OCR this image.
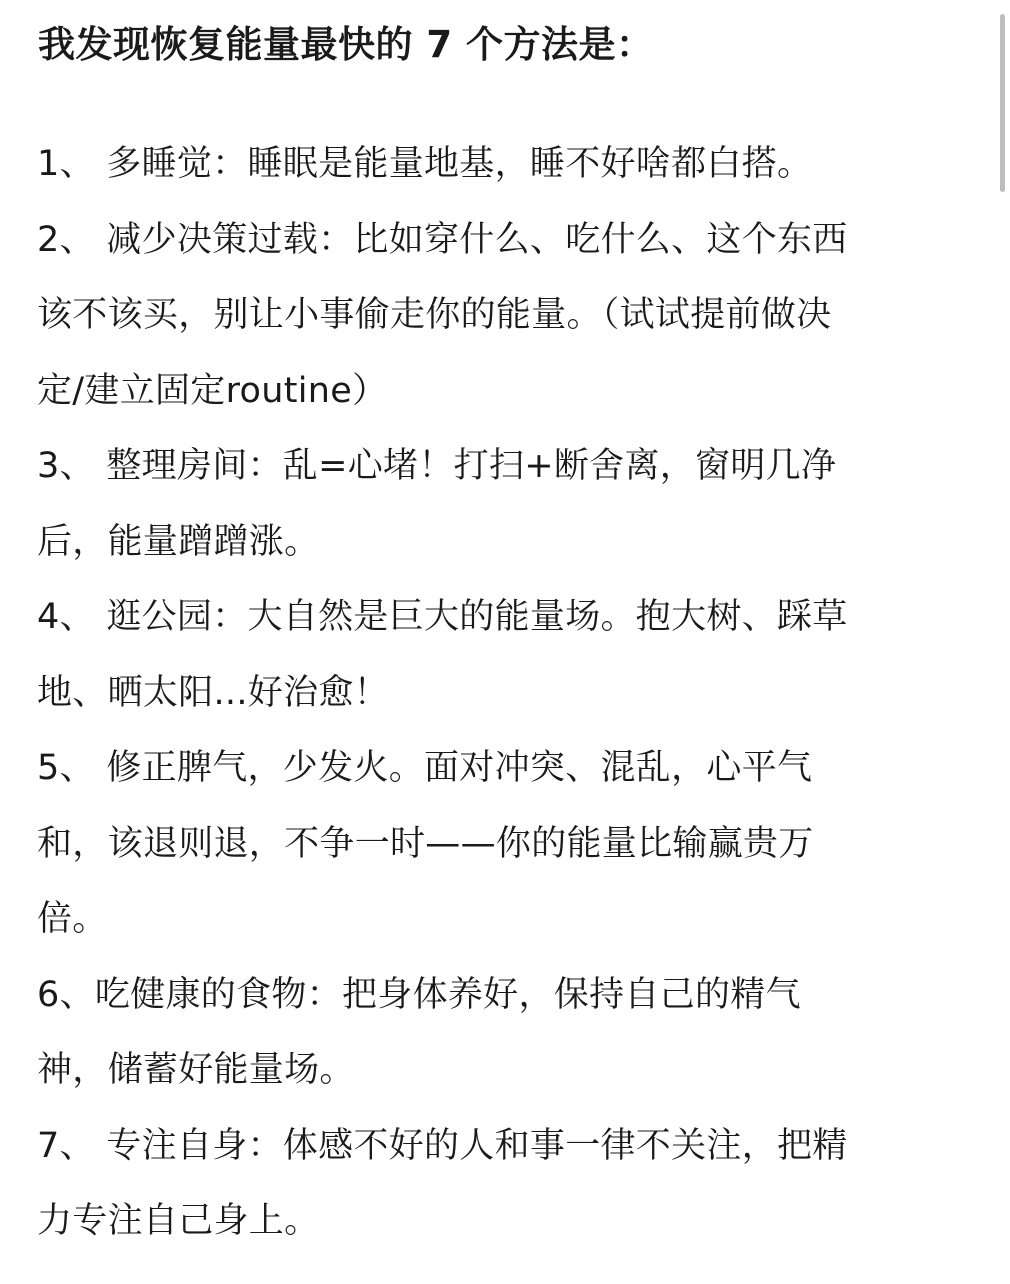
我发现恢复能量最快的 7 个方法是：
1、 多睡觉：睡眠是能量地基，睡不好啥都白搭。
2、 减少决策过载：比如穿什么、吃什么、这个东西
该不该买，别让小事偷走你的能量。（试试提前做决
定/建立固定routine）
3、 整理房间：乱=心堵！打扫+断舍离，窗明几净
后，能量蹭蹭涨。
4、 逛公园：大自然是巨大的能量场。抱大树、踩草
地、晒太阳...好治愈！
5、 修正脾气，少发火。面对冲突、混乱，心平气
和，该退则退，不争一时——你的能量比输赢贵万
倍。
6、吃健康的食物：把身体养好，保持自己的精气
神，储蓄好能量场。
7、 专注自身：体感不好的人和事一律不关注，把精
力专注自己身上。
